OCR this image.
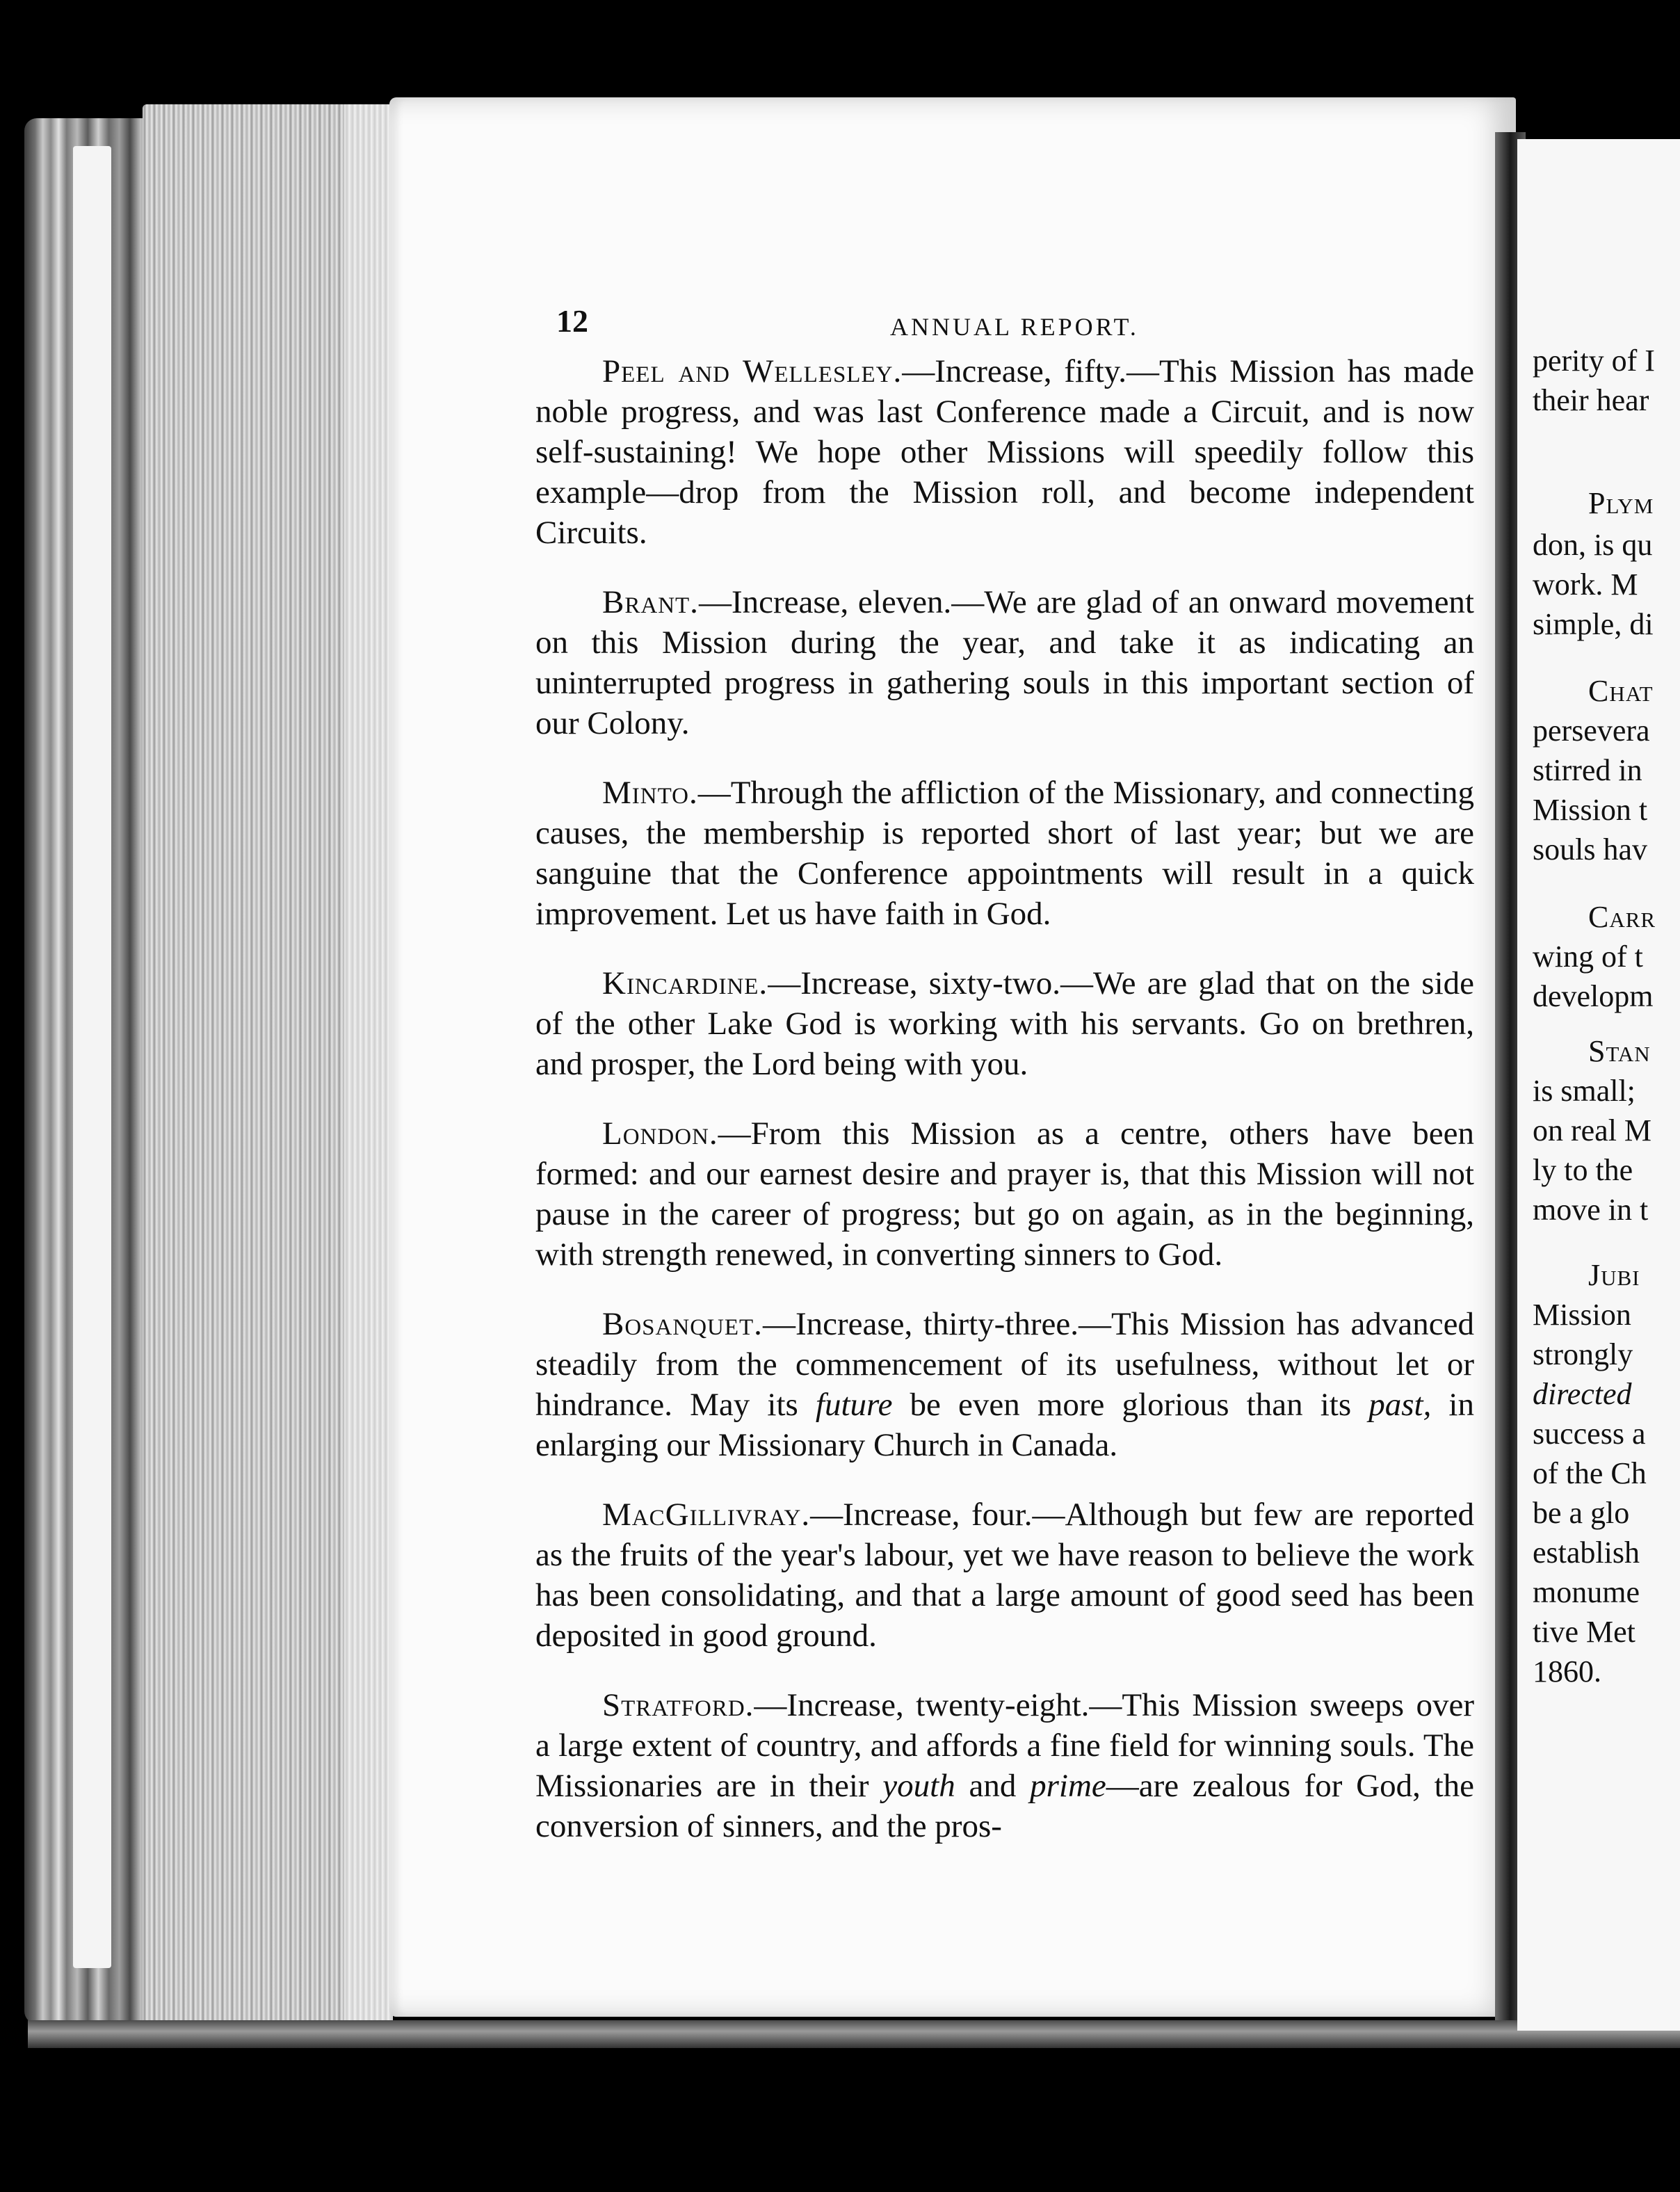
12	ANNUAL REPORT.

Peel and Wellesley.—Increase, fifty.—This Mission has made noble progress, and was last Conference made a Circuit, and is now self-sustaining! We hope other Missions will speedily follow this example—drop from the Mission roll, and become independent Circuits.

Brant.—Increase, eleven.—We are glad of an onward movement on this Mission during the year, and take it as indicating an uninterrupted progress in gathering souls in this important section of our Colony.

Minto.—Through the affliction of the Missionary, and connecting causes, the membership is reported short of last year; but we are sanguine that the Conference appointments will result in a quick improvement. Let us have faith in God.

Kincardine.—Increase, sixty-two.—We are glad that on the side of the other Lake God is working with his servants. Go on brethren, and prosper, the Lord being with you.

London.—From this Mission as a centre, others have been formed: and our earnest desire and prayer is, that this Mission will not pause in the career of progress; but go on again, as in the beginning, with strength renewed, in converting sinners to God.

Bosanquet.—Increase, thirty-three.—This Mission has advanced steadily from the commencement of its usefulness, without let or hindrance. May its future be even more glorious than its past, in enlarging our Missionary Church in Canada.

MacGillivray.—Increase, four.—Although but few are reported as the fruits of the year's labour, yet we have reason to believe the work has been consolidating, and that a large amount of good seed has been deposited in good ground.

Stratford.—Increase, twenty-eight.—This Mission sweeps over a large extent of country, and affords a fine field for winning souls. The Missionaries are in their youth and prime—are zealous for God, the conversion of sinners, and the pros-

perity of I
their hear
Plym
don, is qu
work. M
simple, di
Chat
persevera
stirred in
Mission t
souls hav
Carr
wing of t
developm
Stan
is small;
on real M
ly to the
move in t
Jubi
Mission
strongly
directed
success a
of the Ch
be a glo
establish
monume
tive Met
1860.
